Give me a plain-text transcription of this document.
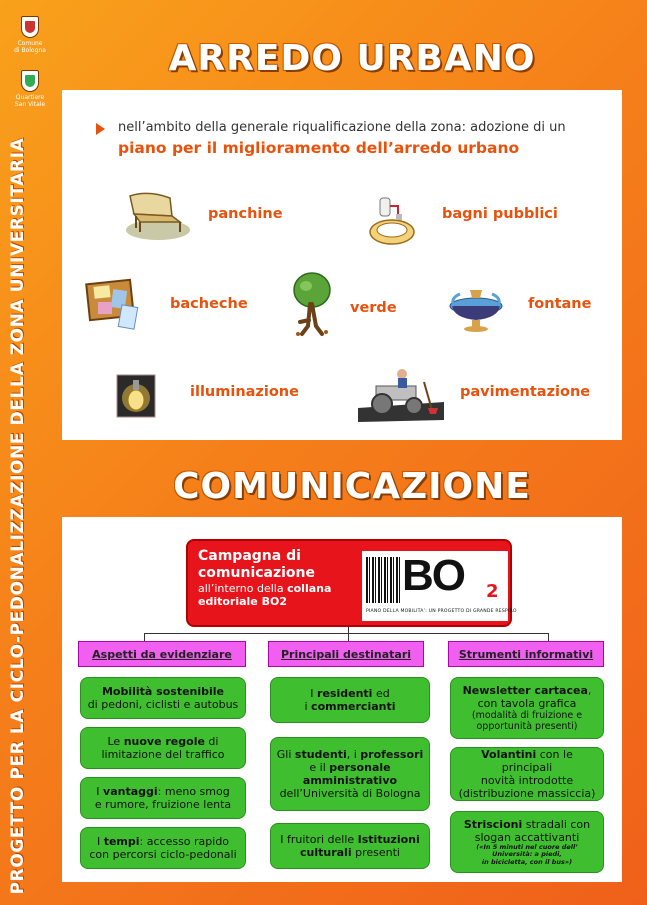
Comune di Bologna
Quartiere San Vitale
PROGETTO PER LA CICLO-PEDONALIZZAZIONE DELLA ZONA UNIVERSITARIA
ARREDO URBANO
nell’ambito della generale riqualificazione della zona: adozione di un
piano per il miglioramento dell’arredo urbano
panchine	bagni pubblici
bacheche	verde	fontane
illuminazione	pavimentazione
COMUNICAZIONE
Campagna di
comunicazione
all’interno della collana
editoriale BO2
BO 2
PIANO DELLA MOBILITA’: UN PROGETTO DI GRANDE RESPIRO
Aspetti da evidenziare	Principali destinatari	Strumenti informativi
Mobilità sostenibile
di pedoni, ciclisti e autobus
Le nuove regole di
limitazione del traffico
I vantaggi: meno smog
e rumore, fruizione lenta
I tempi: accesso rapido
con percorsi ciclo-pedonali
I residenti ed
i commercianti
Gli studenti, i professori
e il personale
amministrativo
dell’Università di Bologna
I fruitori delle Istituzioni
culturali presenti
Newsletter cartacea,
con tavola grafica
(modalità di fruizione e
opportunità presenti)
Volantini con le principali
novità introdotte
(distribuzione massiccia)
Striscioni stradali con
slogan accattivanti
(«In 5 minuti nel cuore dell’
Università: a piedi,
in bicicletta, con il bus»)
